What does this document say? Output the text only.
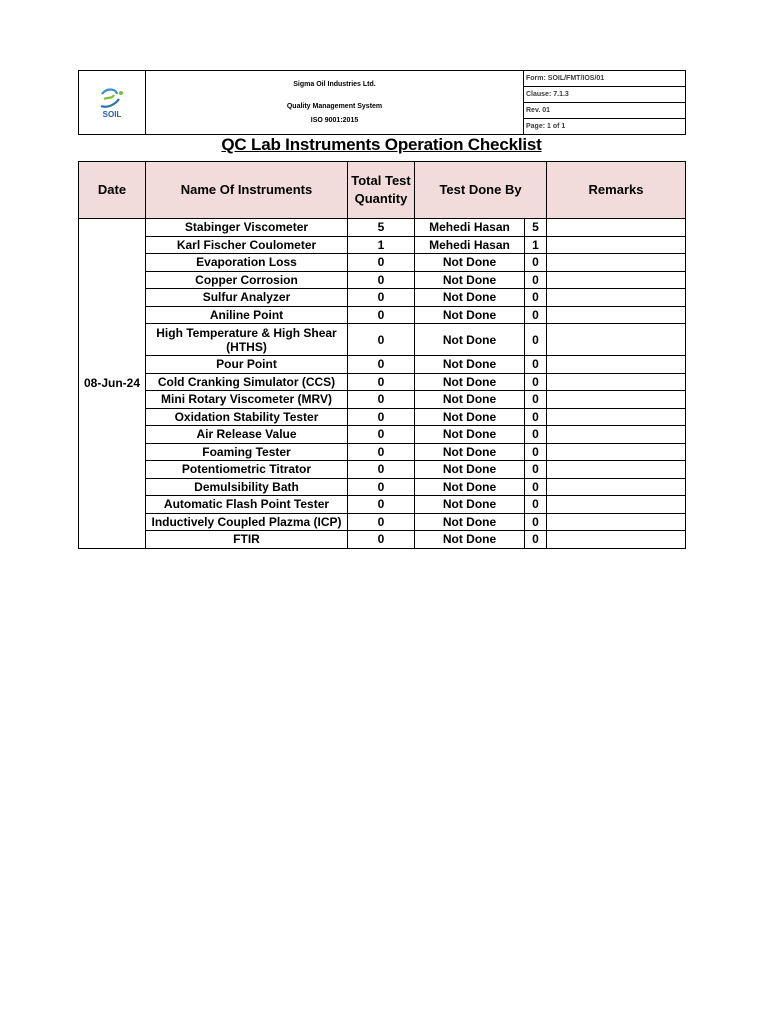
SOIL

Sigma Oil Industries Ltd.
Quality Management System
ISO 9001:2015
	Form: SOIL/FMT/IOS/01
Clause: 7.1.3
Rev. 01
Page: 1 of 1
QC Lab Instruments Operation Checklist
Date	Name Of Instruments	Total Test
Quantity	Test Done By		Remarks
08-Jun-24	Stabinger Viscometer	5	Mehedi Hasan	5	
	Karl Fischer Coulometer	1	Mehedi Hasan	1	
	Evaporation Loss	0	Not Done	0	
	Copper Corrosion	0	Not Done	0	
	Sulfur Analyzer	0	Not Done	0	
	Aniline Point	0	Not Done	0	
	High Temperature & High Shear
(HTHS)	0	Not Done	0	
	Pour Point	0	Not Done	0	
	Cold Cranking Simulator (CCS)	0	Not Done	0	
	Mini Rotary Viscometer (MRV)	0	Not Done	0	
	Oxidation Stability Tester	0	Not Done	0	
	Air Release Value	0	Not Done	0	
	Foaming Tester	0	Not Done	0	
	Potentiometric Titrator	0	Not Done	0	
	Demulsibility Bath	0	Not Done	0	
	Automatic Flash Point Tester	0	Not Done	0	
	Inductively Coupled Plazma (ICP)	0	Not Done	0	
	FTIR	0	Not Done	0	
